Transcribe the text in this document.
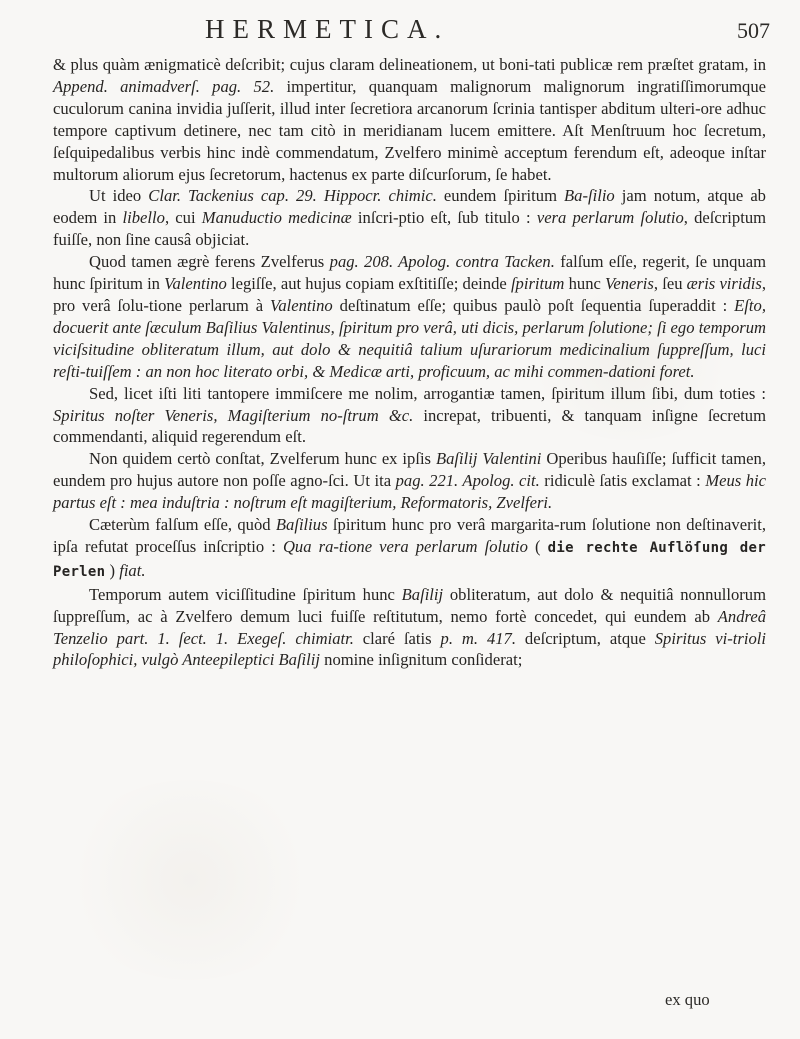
HERMETICA.	507

& plus quàm ænigmaticè deſcribit; cujus claram delineationem, ut boni-tati publicæ rem præſtet gratam, in Append. animadverſ. pag. 52. impertitur, quanquam malignorum malignorum ingratiſſimorumque cuculorum canina invidia juſſerit, illud inter ſecretiora arcanorum ſcrinia tantisper abditum ulteri-ore adhuc tempore captivum detinere, nec tam citò in meridianam lucem emittere. Aſt Menſtruum hoc ſecretum, ſeſquipedalibus verbis hinc indè commendatum, Zvelfero minimè acceptum ferendum eſt, adeoque inſtar multorum aliorum ejus ſecretorum, hactenus ex parte diſcurſorum, ſe habet.

Ut ideo Clar. Tackenius cap. 29. Hippocr. chimic. eundem ſpiritum Ba-ſilio jam notum, atque ab eodem in libello, cui Manuductio medicinæ inſcri-ptio eſt, ſub titulo : vera perlarum ſolutio, deſcriptum fuiſſe, non ſine causâ objiciat.

Quod tamen ægrè ferens Zvelferus pag. 208. Apolog. contra Tacken. falſum eſſe, regerit, ſe unquam hunc ſpiritum in Valentino legiſſe, aut hujus copiam exſtitiſſe; deinde ſpiritum hunc Veneris, ſeu æris viridis, pro verâ ſolu-tione perlarum à Valentino deſtinatum eſſe; quibus paulò poſt ſequentia ſuperaddit : Eſto, docuerit ante ſæculum Baſilius Valentinus, ſpiritum pro verâ, uti dicis, perlarum ſolutione; ſi ego temporum viciſsitudine obliteratum illum, aut dolo & nequitiâ talium uſurariorum medicinalium ſuppreſſum, luci reſti-tuiſſem : an non hoc literato orbi, & Medicæ arti, proficuum, ac mihi commen-dationi foret.

Sed, licet iſti liti tantopere immiſcere me nolim, arrogantiæ tamen, ſpiritum illum ſibi, dum toties : Spiritus noſter Veneris, Magiſterium no-ſtrum &c. increpat, tribuenti, & tanquam inſigne ſecretum commendanti, aliquid regerendum eſt.

Non quidem certò conſtat, Zvelferum hunc ex ipſis Baſilij Valentini Operibus hauſiſſe; ſufficit tamen, eundem pro hujus autore non poſſe agno-ſci. Ut ita pag. 221. Apolog. cit. ridiculè ſatis exclamat : Meus hic partus eſt : mea induſtria : noſtrum eſt magiſterium, Reformatoris, Zvelferi.

Cæterùm falſum eſſe, quòd Baſilius ſpiritum hunc pro verâ margarita-rum ſolutione non deſtinaverit, ipſa refutat proceſſus inſcriptio : Qua ra-tione vera perlarum ſolutio ( die rechte Auflöſung der Perlen ) fiat.

Temporum autem viciſſitudine ſpiritum hunc Baſilij obliteratum, aut dolo & nequitiâ nonnullorum ſuppreſſum, ac à Zvelfero demum luci fuiſſe reſtitutum, nemo fortè concedet, qui eundem ab Andreâ Tenzelio part. 1. ſect. 1. Exegeſ. chimiatr. claré ſatis p. m. 417. deſcriptum, atque Spiritus vi-trioli philoſophici, vulgò Anteepileptici Baſilij nomine inſignitum conſiderat;

ex quo
